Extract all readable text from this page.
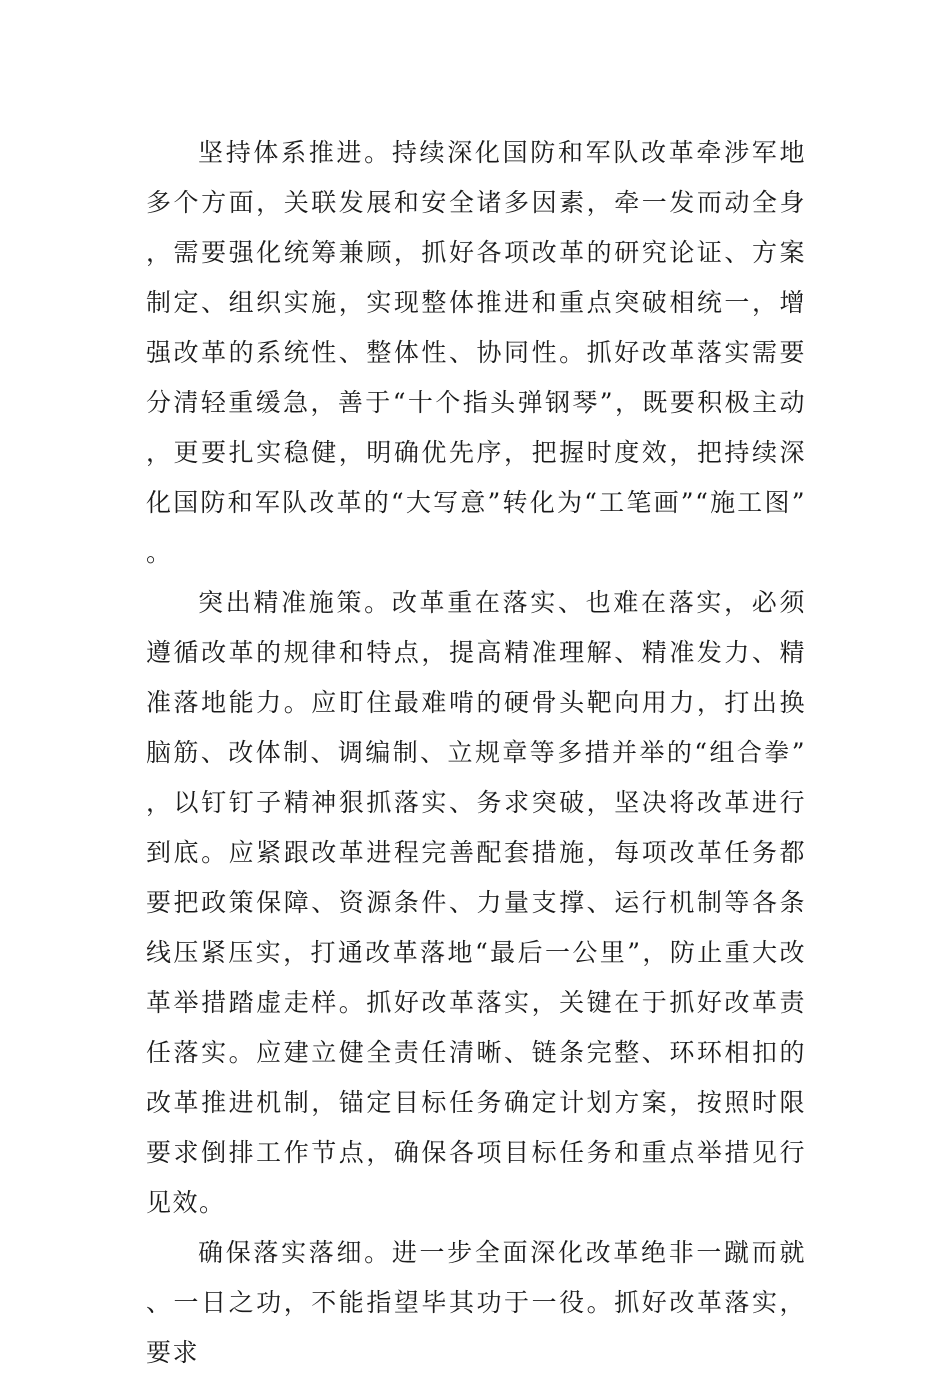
坚持体系推进。持续深化国防和军队改革牵涉军地多个方面，关联发展和安全诸多因素，牵一发而动全身，需要强化统筹兼顾，抓好各项改革的研究论证、方案制定、组织实施，实现整体推进和重点突破相统一，增强改革的系统性、整体性、协同性。抓好改革落实需要分清轻重缓急，善于“十个指头弹钢琴”，既要积极主动，更要扎实稳健，明确优先序，把握时度效，把持续深化国防和军队改革的“大写意”转化为“工笔画”“施工图”。

突出精准施策。改革重在落实、也难在落实，必须遵循改革的规律和特点，提高精准理解、精准发力、精准落地能力。应盯住最难啃的硬骨头靶向用力，打出换脑筋、改体制、调编制、立规章等多措并举的“组合拳”，以钉钉子精神狠抓落实、务求突破，坚决将改革进行到底。应紧跟改革进程完善配套措施，每项改革任务都要把政策保障、资源条件、力量支撑、运行机制等各条线压紧压实，打通改革落地“最后一公里”，防止重大改革举措踏虚走样。抓好改革落实，关键在于抓好改革责任落实。应建立健全责任清晰、链条完整、环环相扣的改革推进机制，锚定目标任务确定计划方案，按照时限要求倒排工作节点，确保各项目标任务和重点举措见行见效。

确保落实落细。进一步全面深化改革绝非一蹴而就、一日之功，不能指望毕其功于一役。抓好改革落实，要求
